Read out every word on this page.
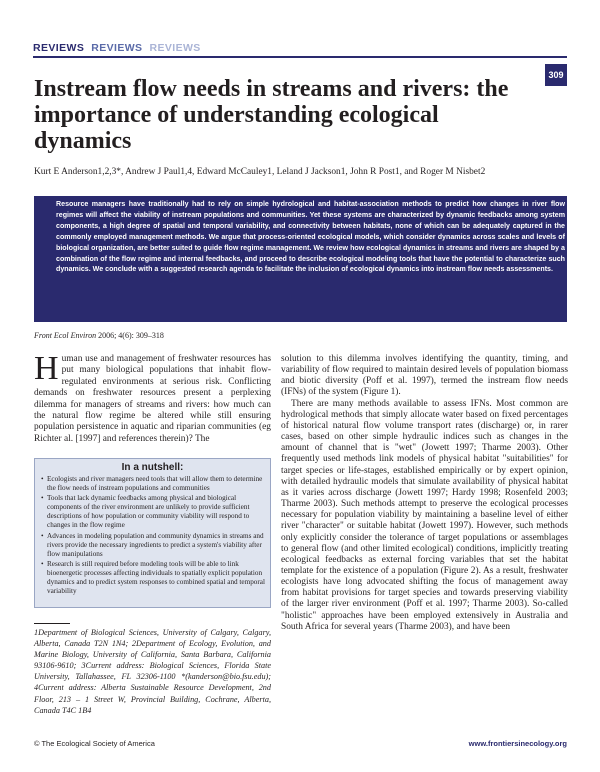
REVIEWS REVIEWS REVIEWS
309
Instream flow needs in streams and rivers: the importance of understanding ecological dynamics
Kurt E Anderson1,2,3*, Andrew J Paul1,4, Edward McCauley1, Leland J Jackson1, John R Post1, and Roger M Nisbet2
Resource managers have traditionally had to rely on simple hydrological and habitat-association methods to predict how changes in river flow regimes will affect the viability of instream populations and communities. Yet these systems are characterized by dynamic feedbacks among system components, a high degree of spatial and temporal variability, and connectivity between habitats, none of which can be adequately captured in the commonly employed management methods. We argue that process-oriented ecological models, which consider dynamics across scales and levels of biological organization, are better suited to guide flow regime management. We review how ecological dynamics in streams and rivers are shaped by a combination of the flow regime and internal feedbacks, and proceed to describe ecological modeling tools that have the potential to characterize such dynamics. We conclude with a suggested research agenda to facilitate the inclusion of ecological dynamics into instream flow needs assessments.
Front Ecol Environ 2006; 4(6): 309–318
Human use and management of freshwater resources has put many biological populations that inhabit flow-regulated environments at serious risk. Conflicting demands on freshwater resources present a perplexing dilemma for managers of streams and rivers: how much can the natural flow regime be altered while still ensuring population persistence in aquatic and riparian communities (eg Richter al. [1997] and references therein)? The
In a nutshell:
• Ecologists and river managers need tools that will allow them to determine the flow needs of instream populations and communities
• Tools that lack dynamic feedbacks among physical and biological components of the river environment are unlikely to provide sufficient descriptions of how population or community viability will respond to changes in the flow regime
• Advances in modeling population and community dynamics in streams and rivers provide the necessary ingredients to predict a system's viability after flow manipulations
• Research is still required before modeling tools will be able to link bioenergetic processes affecting individuals to spatially explicit population dynamics and to predict system responses to combined spatial and temporal variability
1Department of Biological Sciences, University of Calgary, Calgary, Alberta, Canada T2N 1N4; 2Department of Ecology, Evolution, and Marine Biology, University of California, Santa Barbara, California 93106-9610; 3Current address: Biological Sciences, Florida State University, Tallahassee, FL 32306-1100 *(kanderson@bio.fsu.edu); 4Current address: Alberta Sustainable Resource Development, 2nd Floor, 213 – 1 Street W, Provincial Building, Cochrane, Alberta, Canada T4C 1B4

solution to this dilemma involves identifying the quantity, timing, and variability of flow required to maintain desired levels of population biomass and biotic diversity (Poff et al. 1997), termed the instream flow needs (IFNs) of the system (Figure 1).

There are many methods available to assess IFNs. Most common are hydrological methods that simply allocate water based on fixed percentages of historical natural flow volume transport rates (discharge) or, in rarer cases, based on other simple hydraulic indices such as changes in the amount of channel that is "wet" (Jowett 1997; Tharme 2003). Other frequently used methods link models of physical habitat "suitabilities" for target species or life-stages, established empirically or by expert opinion, with detailed hydraulic models that simulate availability of physical habitat as it varies across discharge (Jowett 1997; Hardy 1998; Rosenfeld 2003; Tharme 2003). Such methods attempt to preserve the ecological processes necessary for population viability by maintaining a baseline level of either river "character" or suitable habitat (Jowett 1997). However, such methods only explicitly consider the tolerance of target populations or assemblages to general flow (and other limited ecological) conditions, implicitly treating ecological feedbacks as external forcing variables that set the habitat template for the existence of a population (Figure 2). As a result, freshwater ecologists have long advocated shifting the focus of management away from habitat provisions for target species and towards preserving viability of the larger river environment (Poff et al. 1997; Tharme 2003). So-called "holistic" approaches have been employed extensively in Australia and South Africa for several years (Tharme 2003), and have been

© The Ecological Society of America	www.frontiersinecology.org
